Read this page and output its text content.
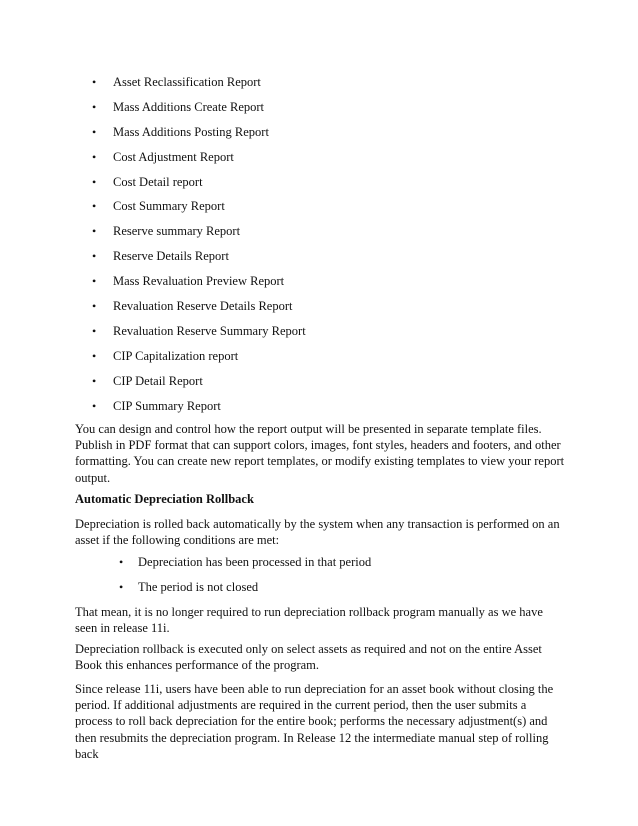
• Asset Reclassification Report
• Mass Additions Create Report
• Mass Additions Posting Report
• Cost Adjustment Report
• Cost Detail report
• Cost Summary Report
• Reserve summary Report
• Reserve Details Report
• Mass Revaluation Preview Report
• Revaluation Reserve Details Report
• Revaluation Reserve Summary Report
• CIP Capitalization report
• CIP Detail Report
• CIP Summary Report

You can design and control how the report output will be presented in separate template files. Publish in PDF format that can support colors, images, font styles, headers and footers, and other formatting. You can create new report templates, or modify existing templates to view your report output.

Automatic Depreciation Rollback

Depreciation is rolled back automatically by the system when any transaction is performed on an asset if the following conditions are met:

• Depreciation has been processed in that period
• The period is not closed

That mean, it is no longer required to run depreciation rollback program manually as we have seen in release 11i.

Depreciation rollback is executed only on select assets as required and not on the entire Asset Book this enhances performance of the program.

Since release 11i, users have been able to run depreciation for an asset book without closing the period. If additional adjustments are required in the current period, then the user submits a process to roll back depreciation for the entire book; performs the necessary adjustment(s) and then resubmits the depreciation program. In Release 12 the intermediate manual step of rolling back
